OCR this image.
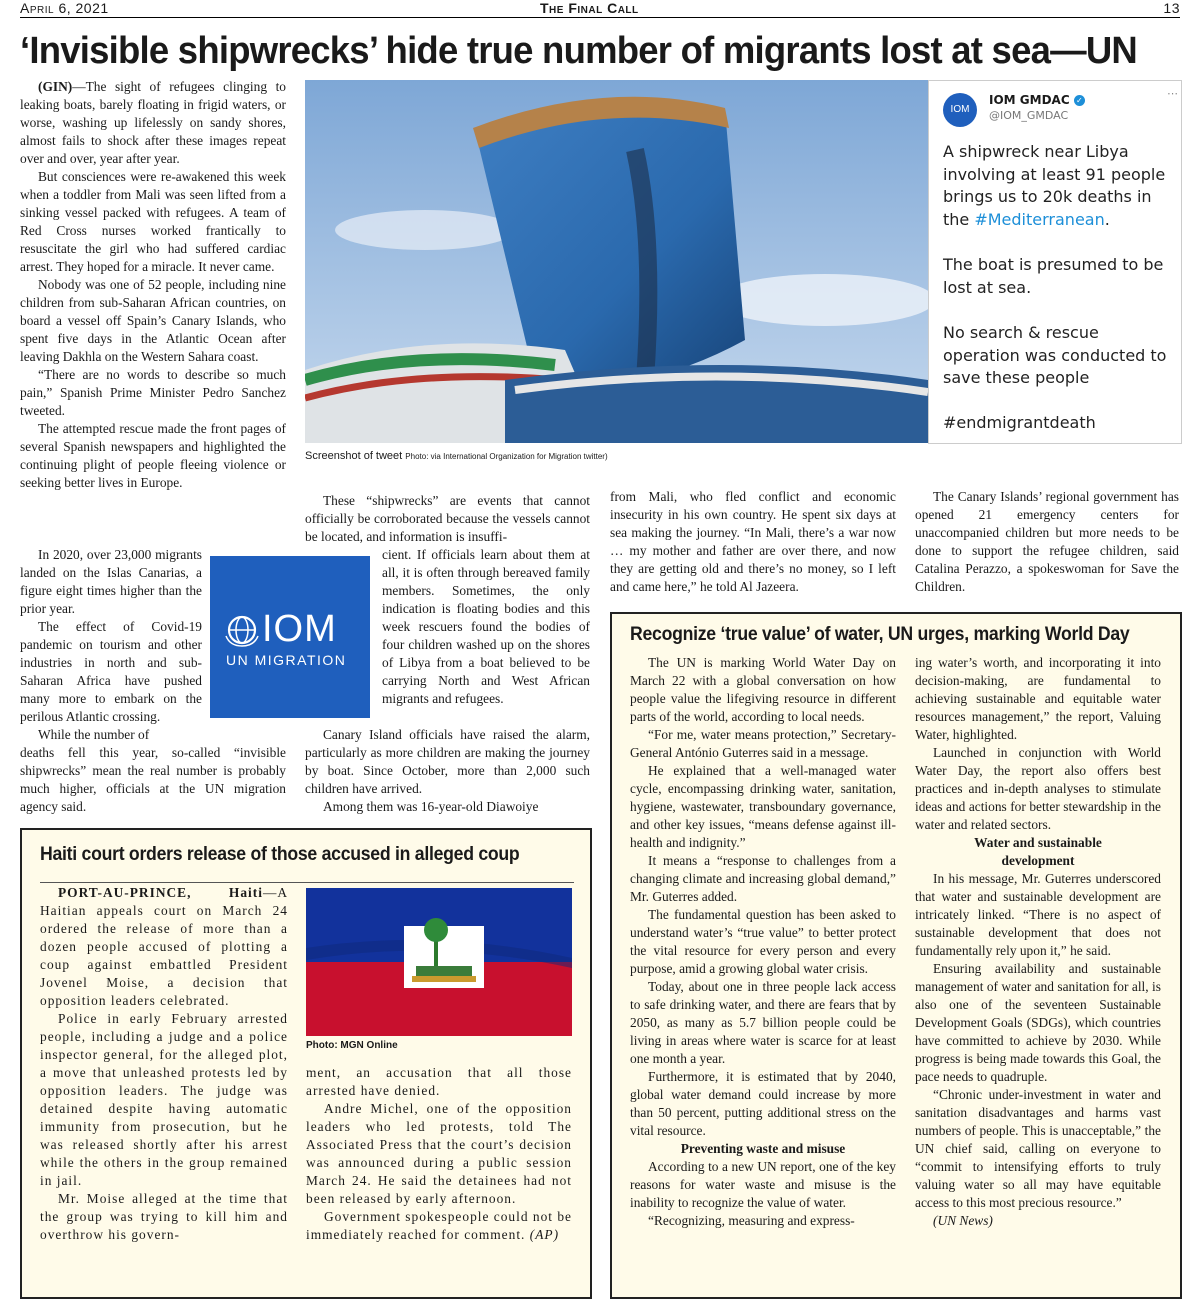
April 6, 2021	The Final Call	13
‘Invisible shipwrecks’ hide true number of migrants lost at sea—UN

(GIN)—The sight of refugees clinging to leaking boats, barely floating in frigid waters, or worse, washing up lifelessly on sandy shores, almost fails to shock after these images repeat over and over, year after year.

But consciences were re-awakened this week when a toddler from Mali was seen lifted from a sinking vessel packed with refugees. A team of Red Cross nurses worked frantically to resuscitate the girl who had suffered cardiac arrest. They hoped for a miracle. It never came.

Nobody was one of 52 people, including nine children from sub-Saharan African countries, on board a vessel off Spain’s Canary Islands, who spent five days in the Atlantic Ocean after leaving Dakhla on the Western Sahara coast.

“There are no words to describe so much pain,” Spanish Prime Minister Pedro Sanchez tweeted.

The attempted rescue made the front pages of several Spanish newspapers and highlighted the continuing plight of people fleeing violence or seeking better lives in Europe.

In 2020, over 23,000 migrants landed on the Islas Canarias, a figure eight times higher than the prior year.

The effect of Covid-19 pandemic on tourism and other industries in north and sub-Saharan Africa have pushed many more to embark on the perilous Atlantic crossing.

While the number of

deaths fell this year, so-called “invisible shipwrecks” mean the real number is probably much higher, officials at the UN migration agency said.

IOM
UN MIGRATION

These “shipwrecks” are events that cannot officially be corroborated because the vessels cannot be located, and information is insuffi-

cient. If officials learn about them at all, it is often through bereaved family members. Sometimes, the only indication is floating bodies and this week rescuers found the bodies of four children washed up on the shores of Libya from a boat believed to be carrying North and West African migrants and refugees.

Canary Island officials have raised the alarm, particularly as more children are making the journey by boat. Since October, more than 2,000 such children have arrived.

Among them was 16-year-old Diawoiye

from Mali, who fled conflict and economic insecurity in his own country. He spent six days at sea making the journey. “In Mali, there’s a war now … my mother and father are over there, and now they are getting old and there’s no money, so I left and came here,” he told Al Jazeera.

The Canary Islands’ regional government has opened 21 emergency centers for unaccompanied children but more needs to be done to support the refugee children, said Catalina Perazzo, a spokeswoman for Save the Children.

IOM
IOM GMDAC ✓
@IOM_GMDAC
⋯
A shipwreck near Libya involving at least 91 people brings us to 20k deaths in the #Mediterranean.
The boat is presumed to be lost at sea.
No search & rescue operation was conducted to save these people
#endmigrantdeath
Screenshot of tweet Photo: via International Organization for Migration twitter)
Haiti court orders release of those accused in alleged coup

PORT-AU-PRINCE, Haiti—A Haitian appeals court on March 24 ordered the release of more than a dozen people accused of plotting a coup against embattled President Jovenel Moise, a decision that opposition leaders celebrated.

Police in early February arrested people, including a judge and a police inspector general, for the alleged plot, a move that unleashed protests led by opposition leaders. The judge was detained despite having automatic immunity from prosecution, but he was released shortly after his arrest while the others in the group remained in jail.

Mr. Moise alleged at the time that the group was trying to kill him and overthrow his govern-

Photo: MGN Online

ment, an accusation that all those arrested have denied.

Andre Michel, one of the opposition leaders who led protests, told The Associated Press that the court’s decision was announced during a public session March 24. He said the detainees had not been released by early afternoon.

Government spokespeople could not be immediately reached for comment. (AP)

Recognize ‘true value’ of water, UN urges, marking World Day

The UN is marking World Water Day on March 22 with a global conversation on how people value the lifegiving resource in different parts of the world, according to local needs.

“For me, water means protection,” Secretary-General António Guterres said in a message.

He explained that a well-managed water cycle, encompassing drinking water, sanitation, hygiene, wastewater, transboundary governance, and other key issues, “means defense against ill-health and indignity.”

It means a “response to challenges from a changing climate and increasing global demand,” Mr. Guterres added.

The fundamental question has been asked to understand water’s “true value” to better protect the vital resource for every person and every purpose, amid a growing global water crisis.

Today, about one in three people lack access to safe drinking water, and there are fears that by 2050, as many as 5.7 billion people could be living in areas where water is scarce for at least one month a year.

Furthermore, it is estimated that by 2040, global water demand could increase by more than 50 percent, putting additional stress on the vital resource.

Preventing waste and misuse

According to a new UN report, one of the key reasons for water waste and misuse is the inability to recognize the value of water.

“Recognizing, measuring and express-

ing water’s worth, and incorporating it into decision-making, are fundamental to achieving sustainable and equitable water resources management,” the report, Valuing Water, highlighted.

Launched in conjunction with World Water Day, the report also offers best practices and in-depth analyses to stimulate ideas and actions for better stewardship in the water and related sectors.

Water and sustainable development

In his message, Mr. Guterres underscored that water and sustainable development are intricately linked. “There is no aspect of sustainable development that does not fundamentally rely upon it,” he said.

Ensuring availability and sustainable management of water and sanitation for all, is also one of the seventeen Sustainable Development Goals (SDGs), which countries have committed to achieve by 2030. While progress is being made towards this Goal, the pace needs to quadruple.

“Chronic under-investment in water and sanitation disadvantages and harms vast numbers of people. This is unacceptable,” the UN chief said, calling on everyone to “commit to intensifying efforts to truly valuing water so all may have equitable access to this most precious resource.”

(UN News)
